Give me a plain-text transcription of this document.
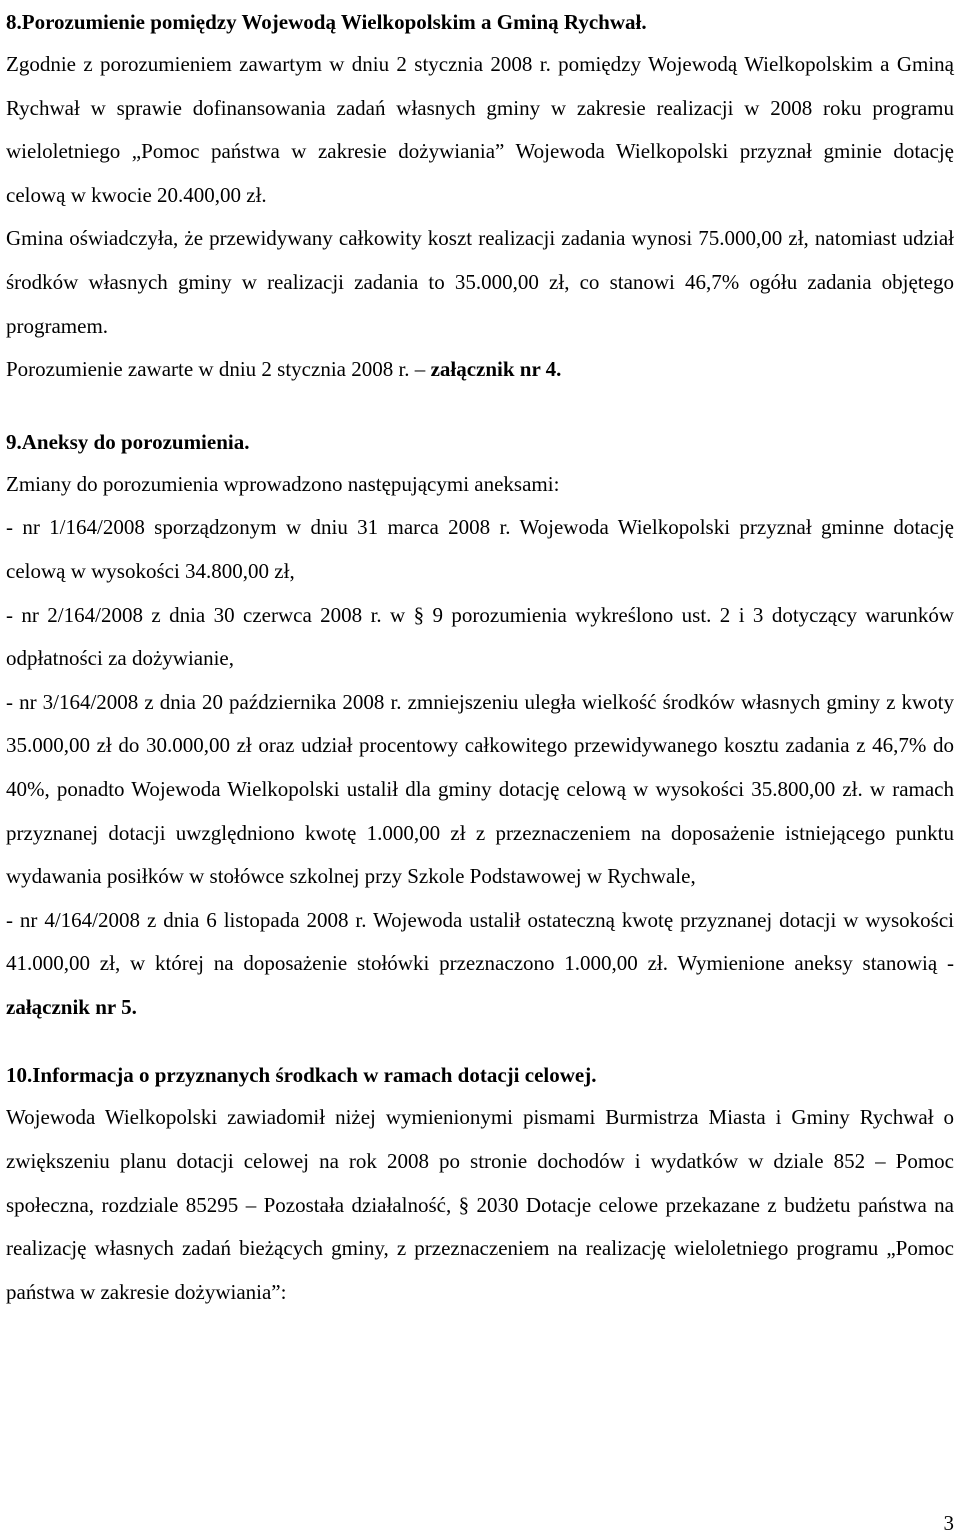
8.Porozumienie pomiędzy Wojewodą Wielkopolskim a Gminą Rychwał.

Zgodnie z porozumieniem zawartym w dniu 2 stycznia 2008 r. pomiędzy Wojewodą Wielkopolskim a Gminą Rychwał w sprawie dofinansowania zadań własnych gminy w zakresie realizacji w 2008 roku programu wieloletniego „Pomoc państwa w zakresie dożywiania” Wojewoda Wielkopolski przyznał gminie dotację celową w kwocie 20.400,00 zł.

Gmina oświadczyła, że przewidywany całkowity koszt realizacji zadania wynosi 75.000,00 zł, natomiast udział środków własnych gminy w realizacji zadania to 35.000,00 zł, co stanowi 46,7% ogółu zadania objętego programem.

Porozumienie zawarte w dniu 2 stycznia 2008 r. – załącznik nr 4.

9.Aneksy do porozumienia.

Zmiany do porozumienia wprowadzono następującymi aneksami:

- nr 1/164/2008 sporządzonym w dniu 31 marca 2008 r. Wojewoda Wielkopolski przyznał gminne dotację celową w wysokości 34.800,00 zł,

- nr 2/164/2008 z dnia 30 czerwca 2008 r. w § 9 porozumienia wykreślono ust. 2 i 3 dotyczący warunków odpłatności za dożywianie,

- nr 3/164/2008 z dnia 20 października 2008 r. zmniejszeniu uległa wielkość środków własnych gminy z kwoty 35.000,00 zł do 30.000,00 zł oraz udział procentowy całkowitego przewidywanego kosztu zadania z 46,7% do 40%, ponadto Wojewoda Wielkopolski ustalił dla gminy dotację celową w wysokości 35.800,00 zł. w ramach przyznanej dotacji uwzględniono kwotę 1.000,00 zł z przeznaczeniem na doposażenie istniejącego punktu wydawania posiłków w stołówce szkolnej przy Szkole Podstawowej w Rychwale,

- nr 4/164/2008 z dnia 6 listopada 2008 r. Wojewoda ustalił ostateczną kwotę przyznanej dotacji w wysokości 41.000,00 zł, w której na doposażenie stołówki przeznaczono 1.000,00 zł. Wymienione aneksy stanowią - załącznik nr 5.

10.Informacja o przyznanych środkach w ramach dotacji celowej.

Wojewoda Wielkopolski zawiadomił niżej wymienionymi pismami Burmistrza Miasta i Gminy Rychwał o zwiększeniu planu dotacji celowej na rok 2008 po stronie dochodów i wydatków w dziale 852 – Pomoc społeczna, rozdziale 85295 – Pozostała działalność, § 2030 Dotacje celowe przekazane z budżetu państwa na realizację własnych zadań bieżących gminy, z przeznaczeniem na realizację wieloletniego programu „Pomoc państwa w zakresie dożywiania”:

3
